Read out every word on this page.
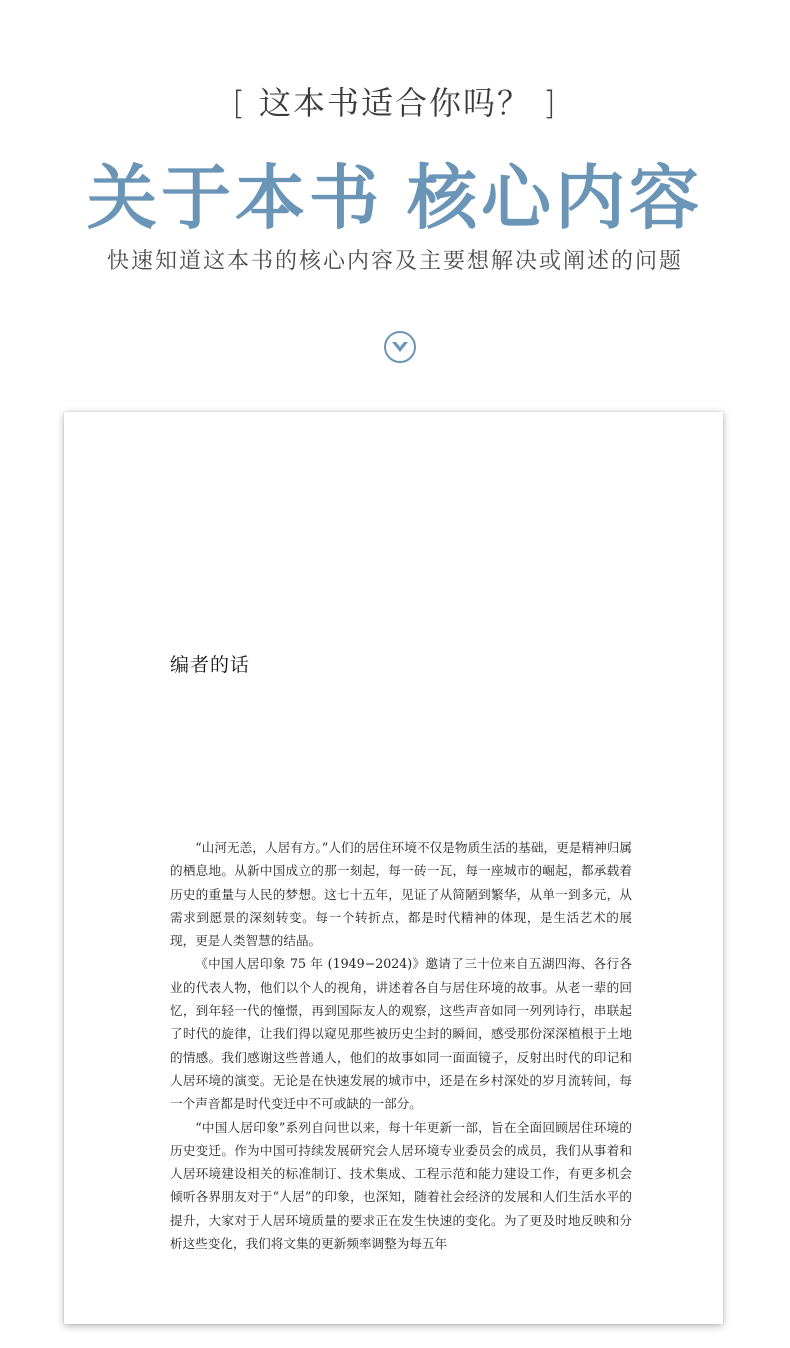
[ 这本书适合你吗？ ]
关于本书 核心内容
快速知道这本书的核心内容及主要想解决或阐述的问题
编者的话

“山河无恙，人居有方。”人们的居住环境不仅是物质生活的基础，更是精神归属的栖息地。从新中国成立的那一刻起，每一砖一瓦，每一座城市的崛起，都承载着历史的重量与人民的梦想。这七十五年，见证了从简陋到繁华，从单一到多元，从需求到愿景的深刻转变。每一个转折点，都是时代精神的体现，是生活艺术的展现，更是人类智慧的结晶。

《中国人居印象 75 年 (1949−2024)》邀请了三十位来自五湖四海、各行各业的代表人物，他们以个人的视角，讲述着各自与居住环境的故事。从老一辈的回忆，到年轻一代的憧憬，再到国际友人的观察，这些声音如同一列列诗行，串联起了时代的旋律，让我们得以窥见那些被历史尘封的瞬间，感受那份深深植根于土地的情感。我们感谢这些普通人，他们的故事如同一面面镜子，反射出时代的印记和人居环境的演变。无论是在快速发展的城市中，还是在乡村深处的岁月流转间，每一个声音都是时代变迁中不可或缺的一部分。

“中国人居印象”系列自问世以来，每十年更新一部，旨在全面回顾居住环境的历史变迁。作为中国可持续发展研究会人居环境专业委员会的成员，我们从事着和人居环境建设相关的标准制订、技术集成、工程示范和能力建设工作，有更多机会倾听各界朋友对于“人居”的印象，也深知，随着社会经济的发展和人们生活水平的提升，大家对于人居环境质量的要求正在发生快速的变化。为了更及时地反映和分析这些变化，我们将文集的更新频率调整为每五年
